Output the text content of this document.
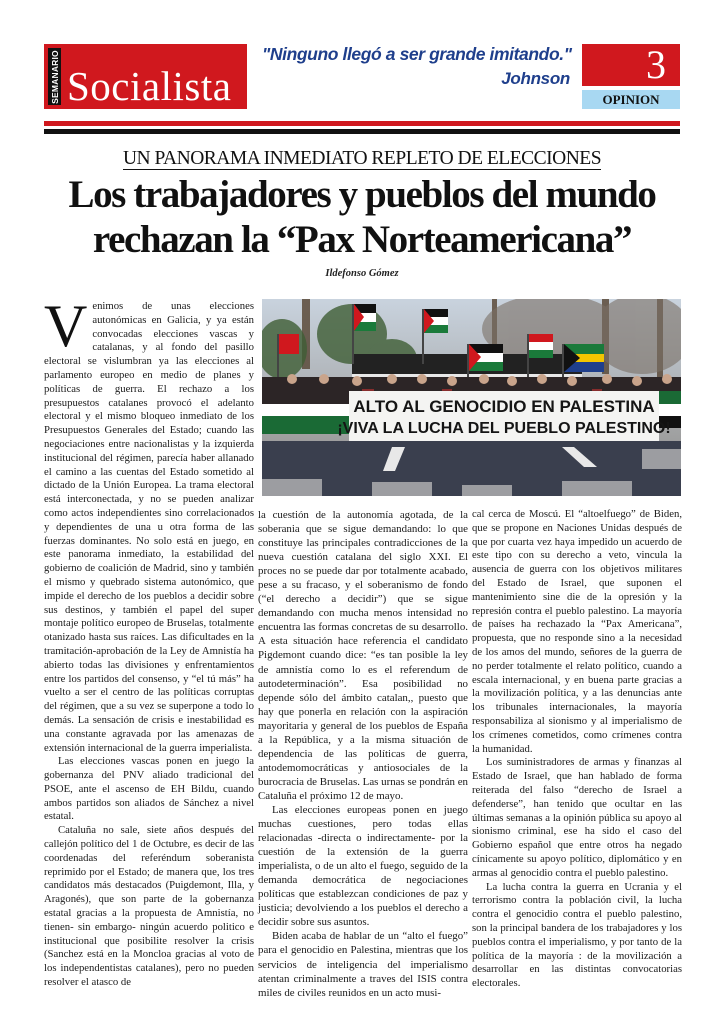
SEMANARIO Socialista
"Ninguno llegó a ser grande imitando."
Johnson 3
OPINION
UN PANORAMA INMEDIATO REPLETO DE ELECCIONES
Los trabajadores y pueblos del mundo
rechazan la “Pax Norteamericana”
Ildefonso Gómez
ALTO AL GENOCIDIO EN PALESTINA
¡VIVA LA LUCHA DEL PUEBLO PALESTINO!

Venimos de unas elecciones autonómicas en Galicia, y ya están convocadas elecciones vascas y catalanas, y al fondo del pasillo electoral se vislumbran ya las elecciones al parlamento europeo en medio de planes y políticas de guerra. El rechazo a los presupuestos catalanes provocó el adelanto electoral y el mismo bloqueo inmediato de los Presupuestos Generales del Estado; cuando las negociaciones entre nacionalistas y la izquierda institucional del régimen, parecía haber allanado el camino a las cuentas del Estado sometido al dictado de la Unión Europea. La trama electoral está interconectada, y no se pueden analizar como actos independientes sino correlacionados y dependientes de una u otra forma de las fuerzas dominantes. No solo está en juego, en este panorama inmediato, la estabilidad del gobierno de coalición de Madrid, sino y también el mismo y quebrado sistema autonómico, que impide el derecho de los pueblos a decidir sobre sus destinos, y también el papel del super montaje político europeo de Bruselas, totalmente otanizado hasta sus raíces. Las dificultades en la tramitación-aprobación de la Ley de Amnistía ha abierto todas las divisiones y enfrentamientos entre los partidos del consenso, y “el tú más” ha vuelto a ser el centro de las políticas corruptas del régimen, que a su vez se superpone a todo lo demás. La sensación de crisis e inestabilidad es una constante agravada por las amenazas de extensión internacional de la guerra imperialista.

Las elecciones vascas ponen en juego la gobernanza del PNV aliado tradicional del PSOE, ante el ascenso de EH Bildu, cuando ambos partidos son aliados de Sánchez a nivel estatal.

Cataluña no sale, siete años después del callejón político del 1 de Octubre, es decir de las coordenadas del referéndum soberanista reprimido por el Estado; de manera que, los tres candidatos más destacados (Puigdemont, Illa, y Aragonés), que son parte de la gobernanza estatal gracias a la propuesta de Amnistía, no tienen- sin embargo- ningún acuerdo politico e institucional que posibilite resolver la crisis (Sanchez está en la Moncloa gracias al voto de los independentistas catalanes), pero no pueden resolver el atasco de

la cuestión de la autonomía agotada, de la soberania que se sigue demandando: lo que constituye las principales contradicciones de la nueva cuestión catalana del siglo XXI. El proces no se puede dar por totalmente acabado, pese a su fracaso, y el soberanismo de fondo (“el derecho a decidir”) que se sigue demandando con mucha menos intensidad no encuentra las formas concretas de su desarrollo. A esta situación hace referencia el candidato Pigdemont cuando dice: “es tan posible la ley de amnistía como lo es el referendum de autodeterminación”. Esa posibilidad no depende sólo del ámbito catalan,, puesto que hay que ponerla en relación con la aspiración mayoritaria y general de los pueblos de España a la República, y a la misma situación de dependencia de las políticas de guerra, antodemomocráticas y antiosociales de la burocracia de Bruselas. Las urnas se pondrán en Cataluña el próximo 12 de mayo.

Las elecciones europeas ponen en juego muchas cuestiones, pero todas ellas relacionadas -directa o indirectamente- por la cuestión de la extensión de la guerra imperialista, o de un alto el fuego, seguido de la demanda democrática de negociaciones políticas que establezcan condiciones de paz y justicia; devolviendo a los pueblos el derecho a decidir sobre sus asuntos.

Biden acaba de hablar de un “alto el fuego” para el genocidio en Palestina, mientras que los servicios de inteligencia del imperialismo atentan criminalmente a traves del ISIS contra miles de civiles reunidos en un acto musi-

cal cerca de Moscú. El “altoelfuego” de Biden, que se propone en Naciones Unidas después de que por cuarta vez haya impedido un acuerdo de este tipo con su derecho a veto, vincula la ausencia de guerra con los objetivos militares del Estado de Israel, que suponen el mantenimiento sine die de la opresión y la represión contra el pueblo palestino. La mayoría de países ha rechazado la “Pax Americana”, propuesta, que no responde sino a la necesidad de los amos del mundo, señores de la guerra de no perder totalmente el relato político, cuando a escala internacional, y en buena parte gracias a la movilización política, y a las denuncias ante los tribunales internacionales, la mayoría responsabiliza al sionismo y al imperialismo de los crímenes cometidos, como crímenes contra la humanidad.

Los suministradores de armas y finanzas al Estado de Israel, que han hablado de forma reiterada del falso “derecho de Israel a defenderse”, han tenido que ocultar en las últimas semanas a la opinión pública su apoyo al sionismo criminal, ese ha sido el caso del Gobierno español que entre otros ha negado cínicamente su apoyo político, diplomático y en armas al genocidio contra el pueblo palestino.

La lucha contra la guerra en Ucrania y el terrorismo contra la población civil, la lucha contra el genocidio contra el pueblo palestino, son la principal bandera de los trabajadores y los pueblos contra el imperialismo, y por tanto de la política de la mayoría : de la movilización a desarrollar en las distintas convocatorias electorales.
